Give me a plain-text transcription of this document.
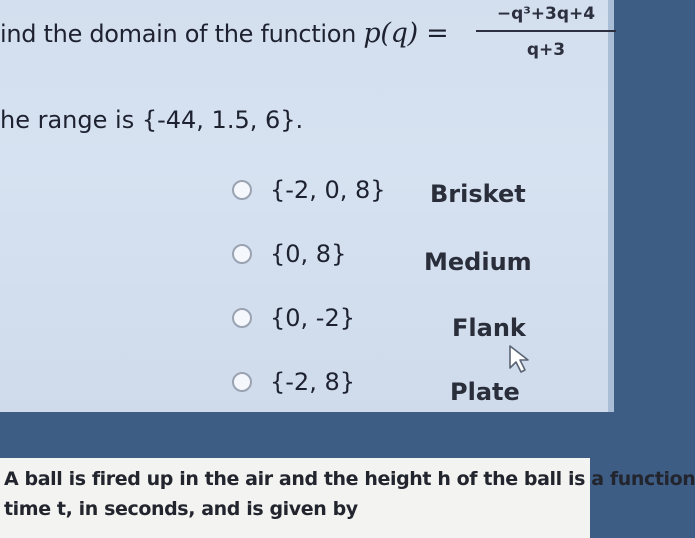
ind the domain of the function $p(q) = \frac{\text{−q³+3q+4}}{q+3}$
he range is {-44, 1.5, 6}.
{-2, 0, 8}
{0, 8}
{0, -2}
{-2, 8}
Brisket
Medium
Flank
Plate
A ball is fired up in the air and the height h of the ball is a function
time t, in seconds, and is given by
